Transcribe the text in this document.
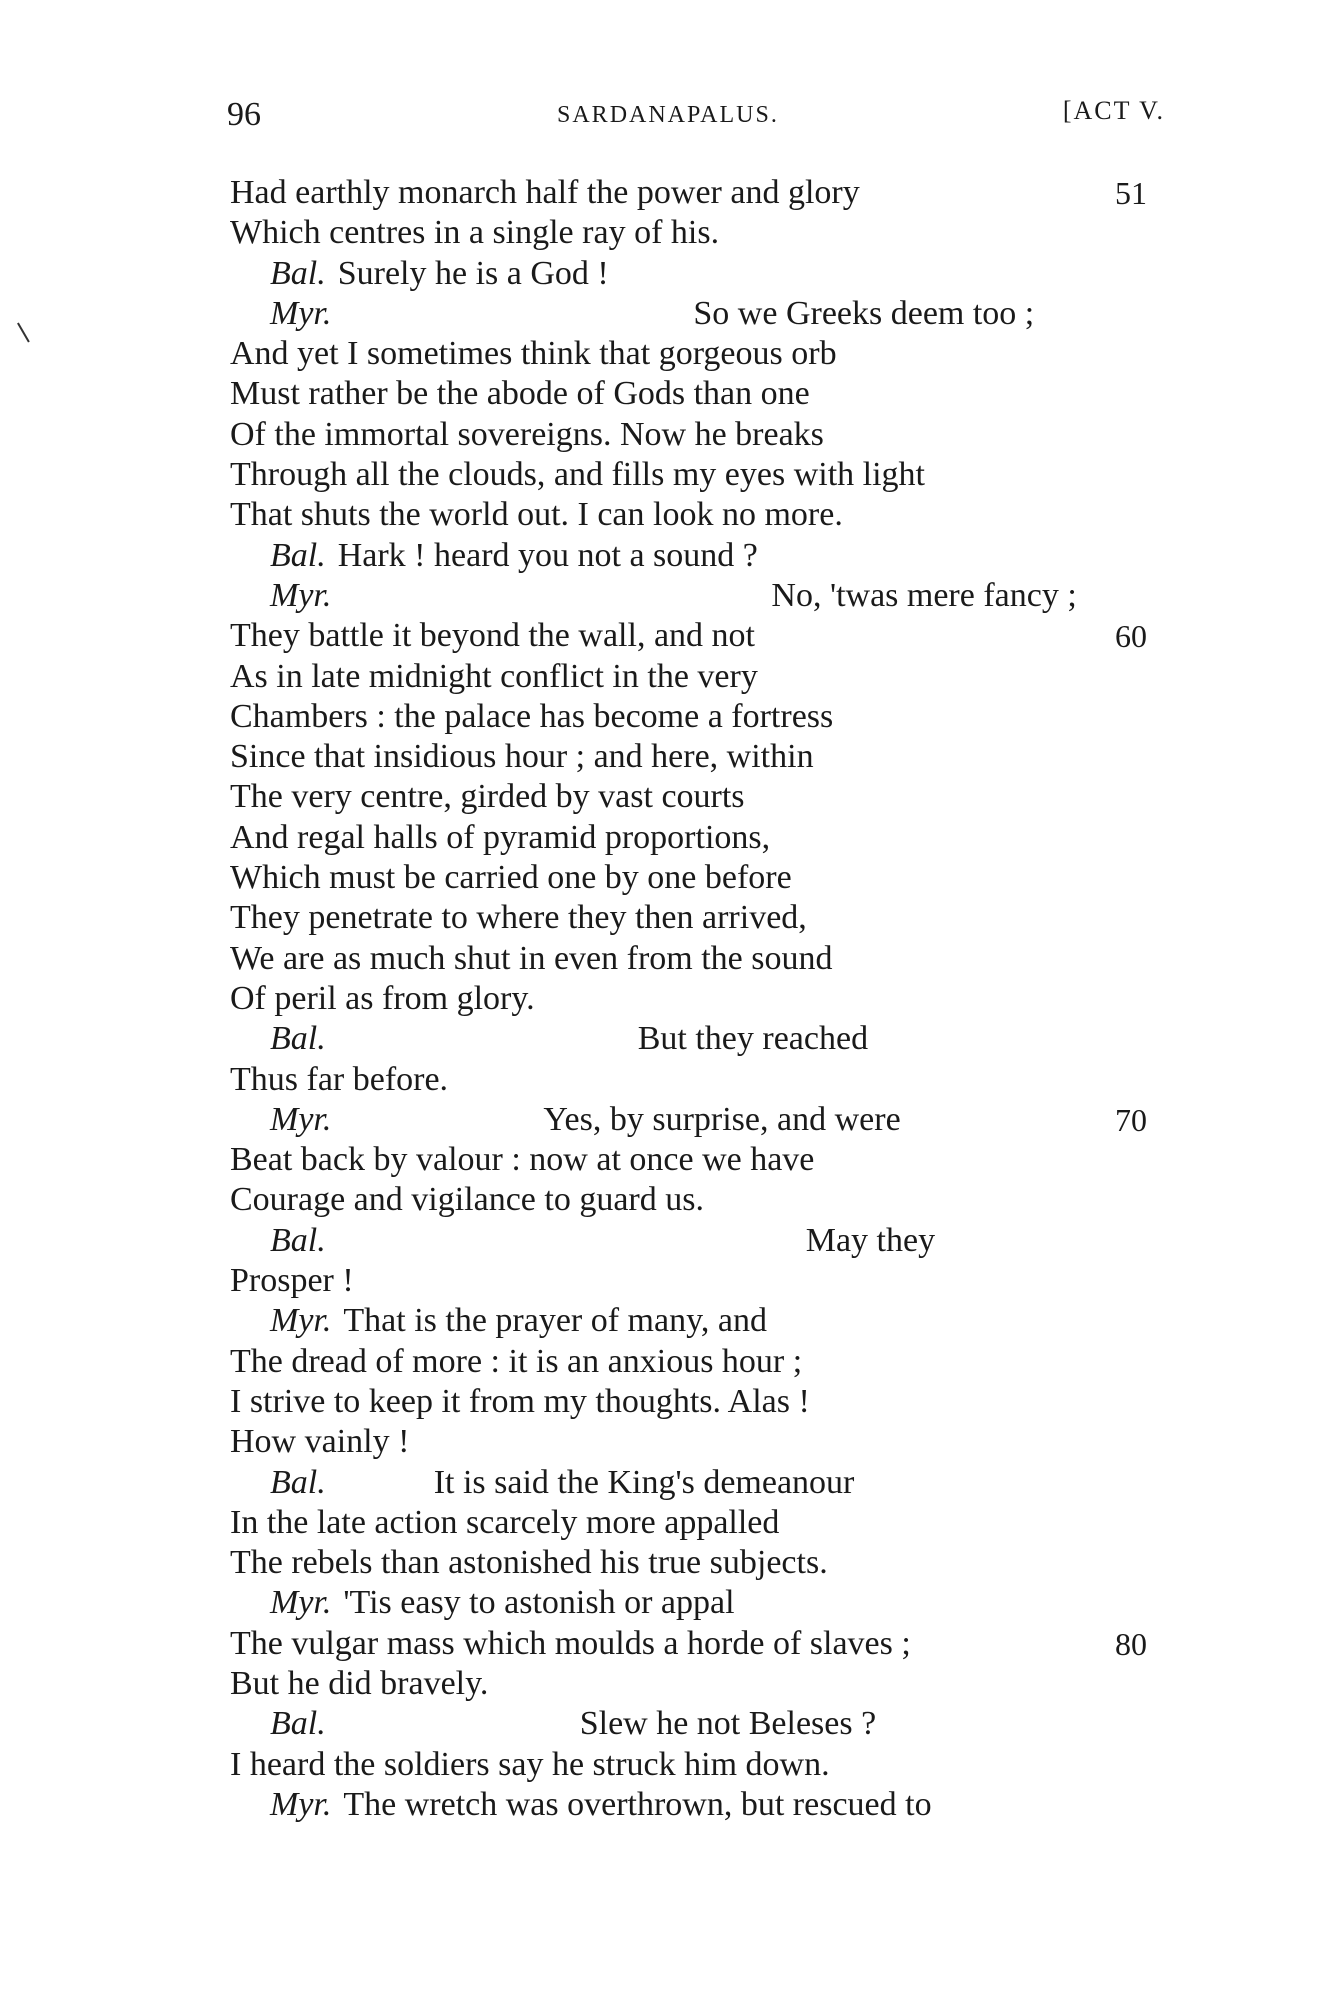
96	SARDANAPALUS.	[ACT V.
Had earthly monarch half the power and glory	51
Which centres in a single ray of his.
Bal. Surely he is a God !
Myr.	So we Greeks deem too ;
And yet I sometimes think that gorgeous orb
Must rather be the abode of Gods than one
Of the immortal sovereigns. Now he breaks
Through all the clouds, and fills my eyes with light
That shuts the world out. I can look no more.
Bal. Hark ! heard you not a sound ?
Myr.	No, 'twas mere fancy ;
They battle it beyond the wall, and not	60
As in late midnight conflict in the very
Chambers : the palace has become a fortress
Since that insidious hour ; and here, within
The very centre, girded by vast courts
And regal halls of pyramid proportions,
Which must be carried one by one before
They penetrate to where they then arrived,
We are as much shut in even from the sound
Of peril as from glory.
Bal.	But they reached
Thus far before.
Myr.	Yes, by surprise, and were	70
Beat back by valour : now at once we have
Courage and vigilance to guard us.
Bal.	May they
Prosper !
Myr. That is the prayer of many, and
The dread of more : it is an anxious hour ;
I strive to keep it from my thoughts. Alas !
How vainly !
Bal.	It is said the King's demeanour
In the late action scarcely more appalled
The rebels than astonished his true subjects.
Myr. 'Tis easy to astonish or appal
The vulgar mass which moulds a horde of slaves ;	80
But he did bravely.
Bal.	Slew he not Beleses ?
I heard the soldiers say he struck him down.
Myr. The wretch was overthrown, but rescued to
